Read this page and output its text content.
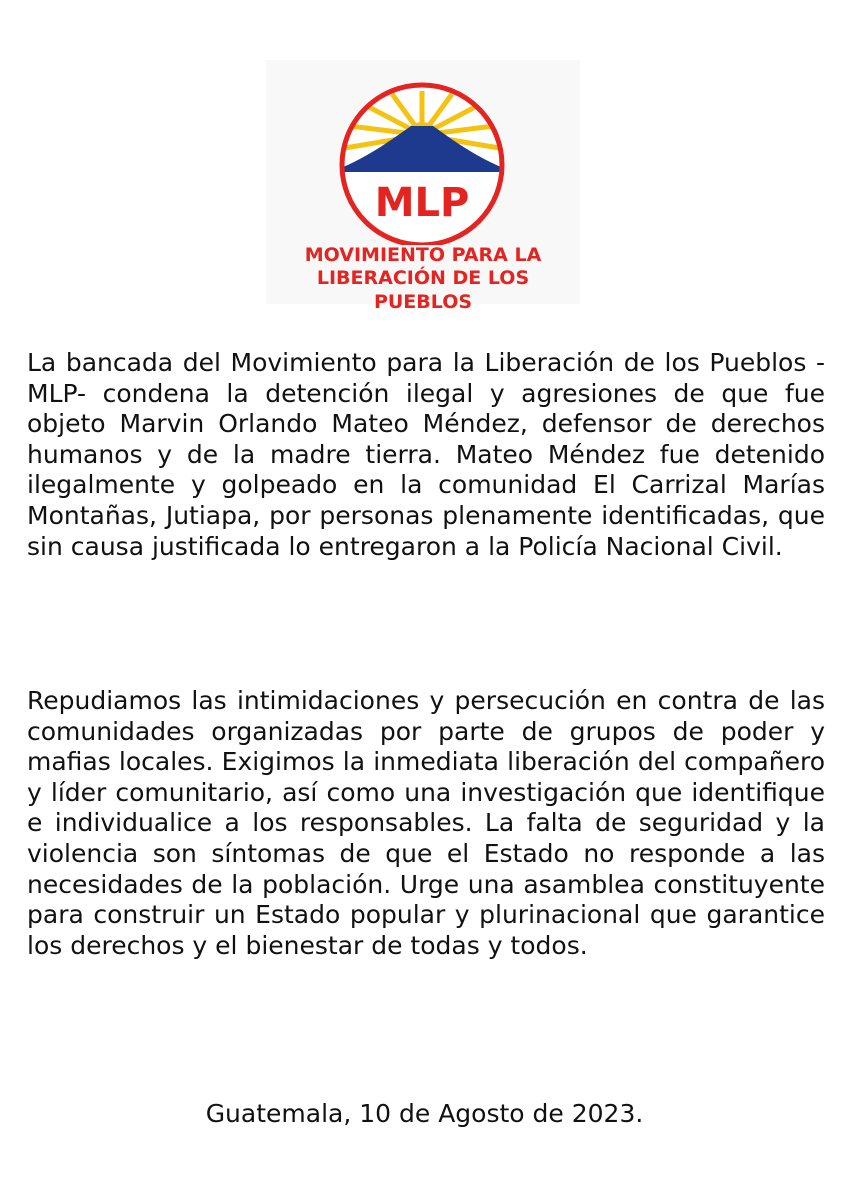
MLP
MOVIMIENTO PARA LA
LIBERACIÓN DE LOS PUEBLOS

La bancada del Movimiento para la Liberación de los Pueblos -MLP- condena la detención ilegal y agresiones de que fue objeto Marvin Orlando Mateo Méndez, defensor de derechos humanos y de la madre tierra. Mateo Méndez fue detenido ilegalmente y golpeado en la comunidad El Carrizal Marías Montañas, Jutiapa, por personas plenamente identificadas, que sin causa justificada lo entregaron a la Policía Nacional Civil.

Repudiamos las intimidaciones y persecución en contra de las comunidades organizadas por parte de grupos de poder y mafias locales. Exigimos la inmediata liberación del compañero y líder comunitario, así como una investigación que identifique e individualice a los responsables. La falta de seguridad y la violencia son síntomas de que el Estado no responde a las necesidades de la población. Urge una asamblea constituyente para construir un Estado popular y plurinacional que garantice los derechos y el bienestar de todas y todos.

Guatemala, 10 de Agosto de 2023.
